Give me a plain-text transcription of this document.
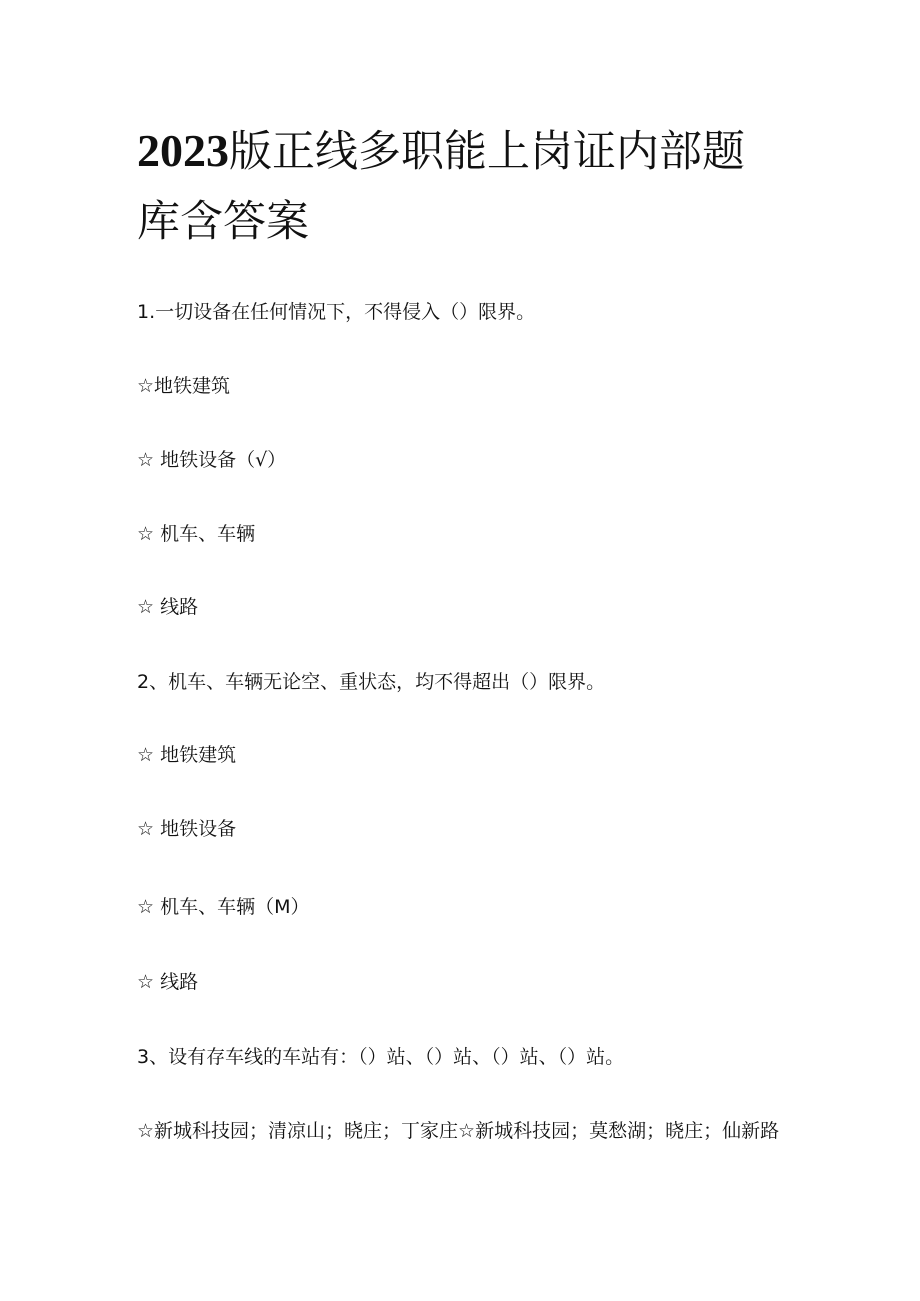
2023版正线多职能上岗证内部题
库含答案

1.一切设备在任何情况下，不得侵入（）限界。

☆地铁建筑

☆ 地铁设备（√）

☆ 机车、车辆

☆ 线路

2、机车、车辆无论空、重状态，均不得超出（）限界。

☆ 地铁建筑

☆ 地铁设备

☆ 机车、车辆（M）

☆ 线路

3、设有存车线的车站有：（）站、（）站、（）站、（）站。

☆新城科技园；清凉山；晓庄；丁家庄☆新城科技园；莫愁湖；晓庄；仙新路
